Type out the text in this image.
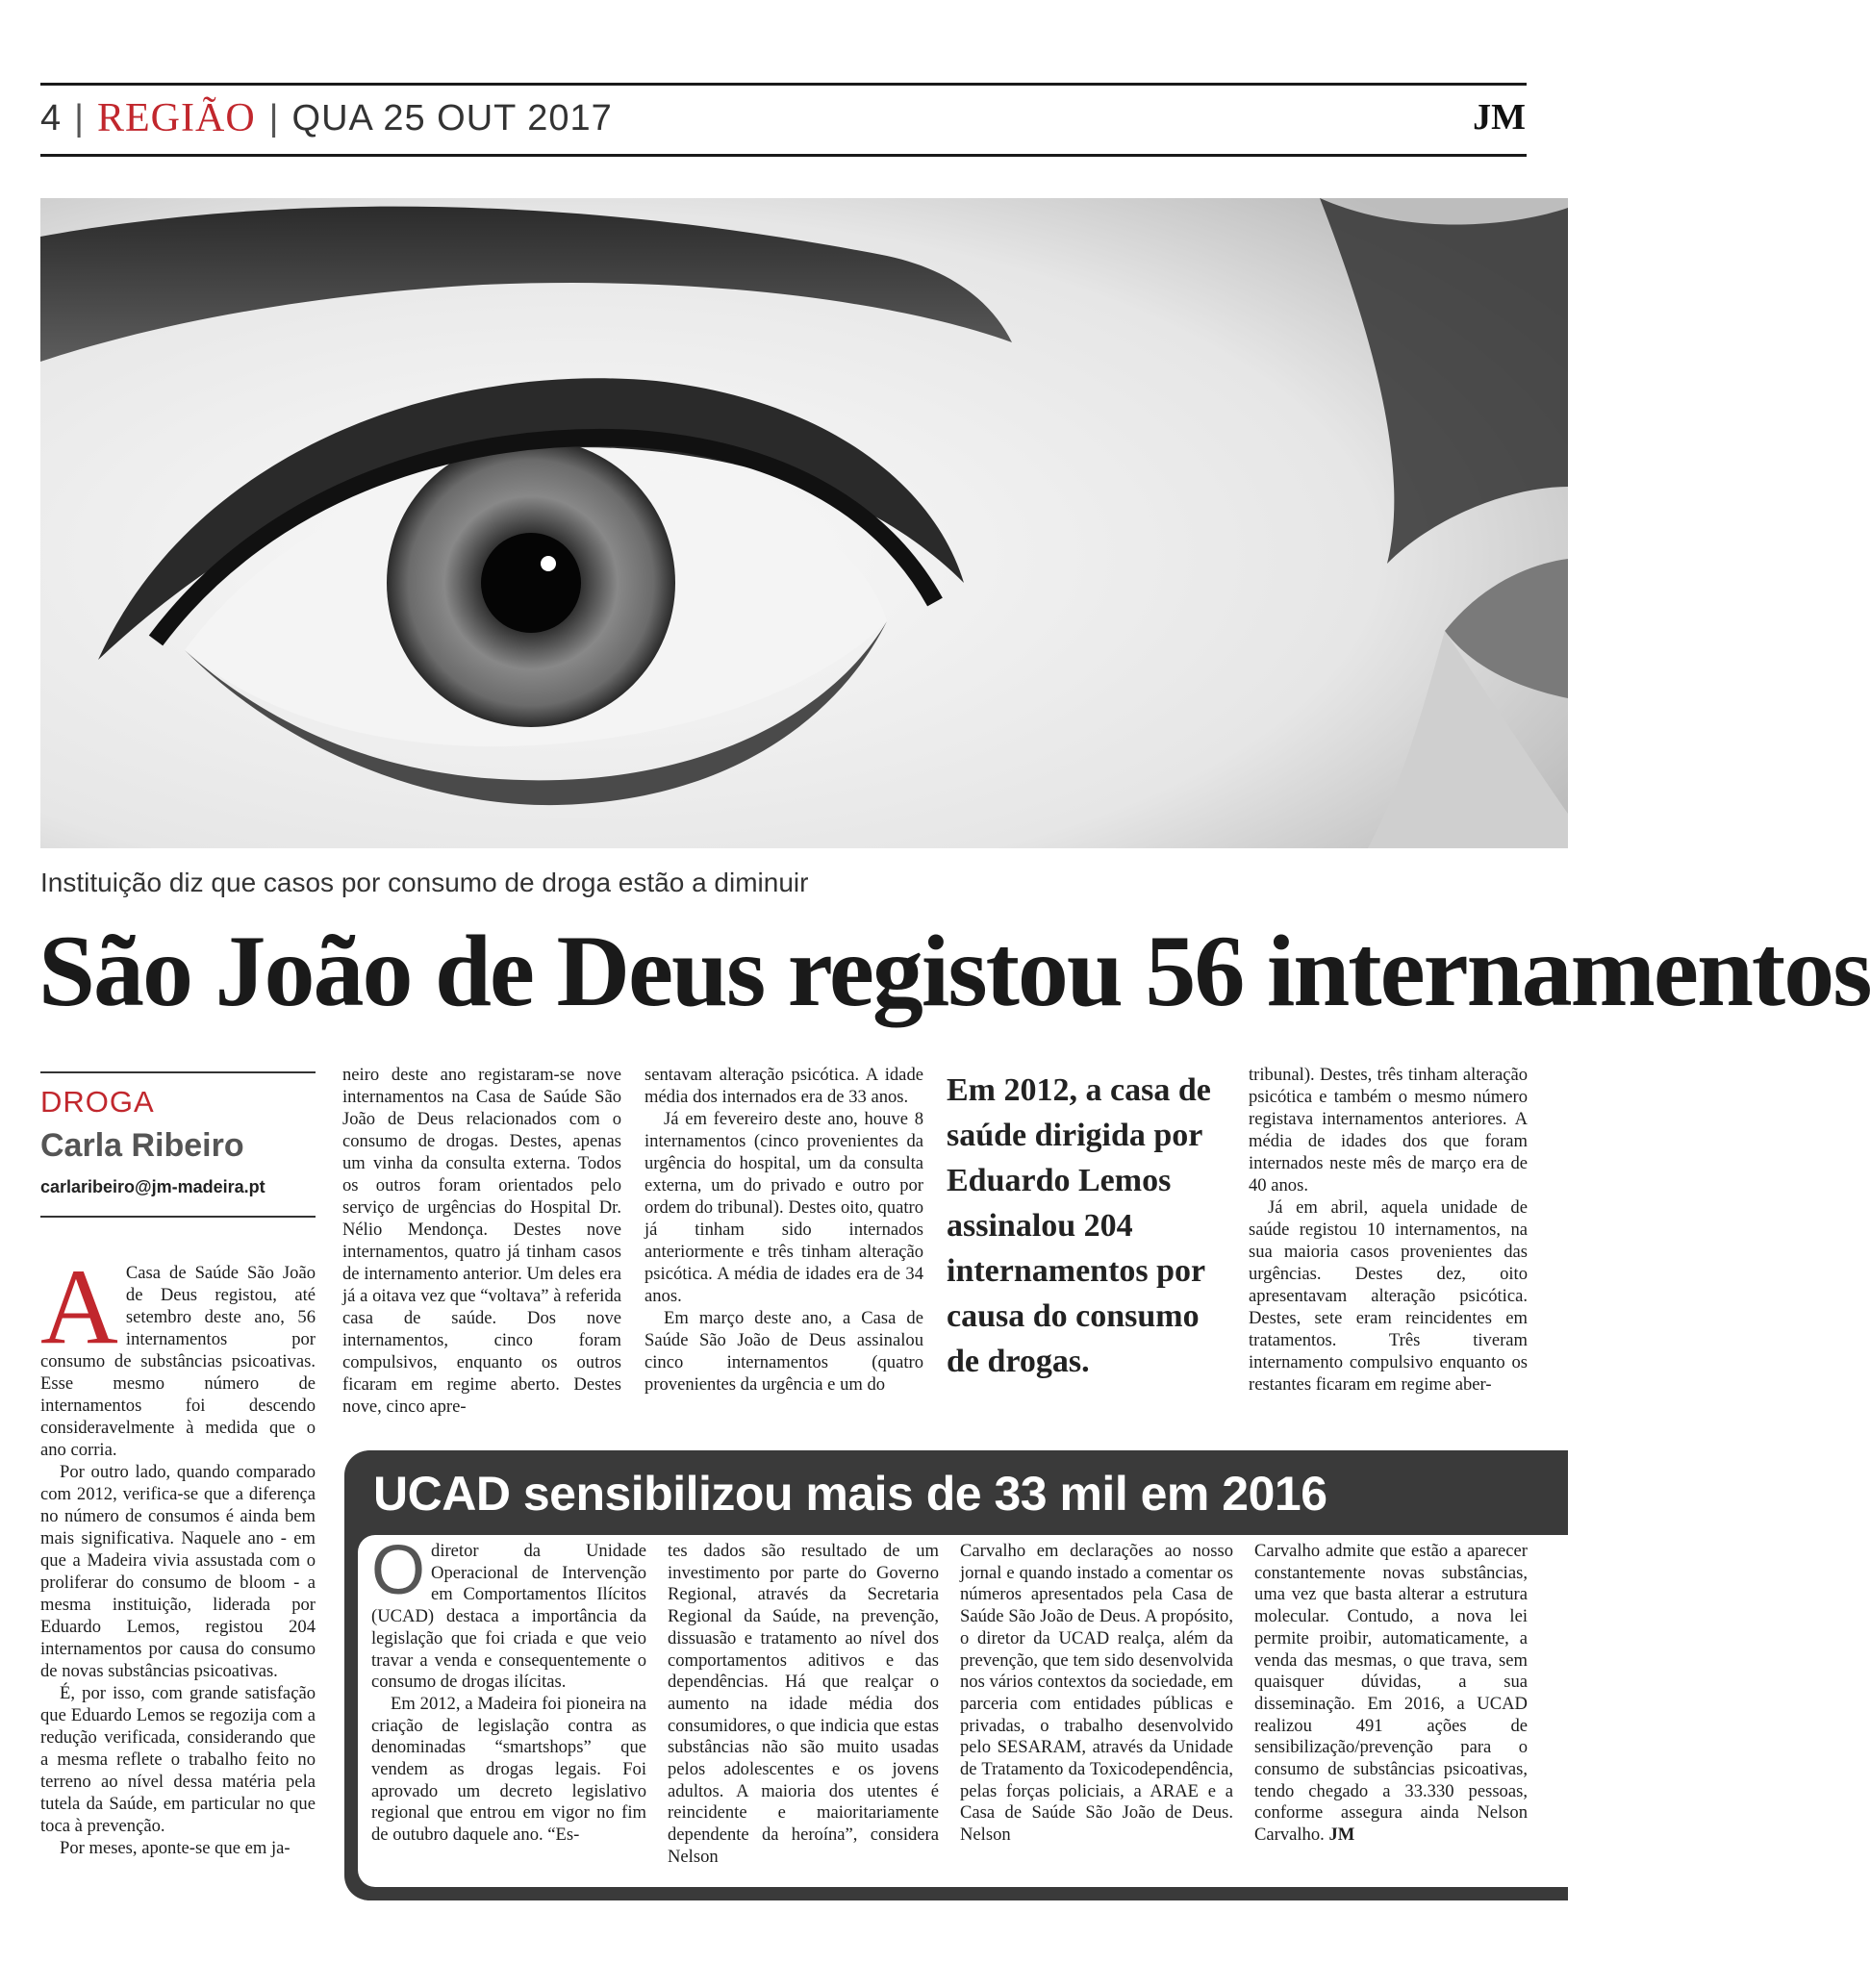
4 | REGIÃO | QUA 25 OUT 2017	JM
Instituição diz que casos por consumo de droga estão a diminuir
São João de Deus registou 56 internamentos
DROGA
Carla Ribeiro
carlaribeiro@jm-madeira.pt
A Casa de Saúde São João de Deus registou, até setembro deste ano, 56 internamentos por consumo de substâncias psicoativas. Esse mesmo número de internamentos foi descendo consideravelmente à medida que o ano corria.

Por outro lado, quando comparado com 2012, verifica-se que a diferença no número de consumos é ainda bem mais significativa. Naquele ano - em que a Madeira vivia assustada com o proliferar do consumo de bloom - a mesma instituição, liderada por Eduardo Lemos, registou 204 internamentos por causa do consumo de novas substâncias psicoativas.

É, por isso, com grande satisfação que Eduardo Lemos se regozija com a redução verificada, considerando que a mesma reflete o trabalho feito no terreno ao nível dessa matéria pela tutela da Saúde, em particular no que toca à prevenção.

Por meses, aponte-se que em ja-

neiro deste ano registaram-se nove internamentos na Casa de Saúde São João de Deus relacionados com o consumo de drogas. Destes, apenas um vinha da consulta externa. Todos os outros foram orientados pelo serviço de urgências do Hospital Dr. Nélio Mendonça. Destes nove internamentos, quatro já tinham casos de internamento anterior. Um deles era já a oitava vez que “voltava” à referida casa de saúde. Dos nove internamentos, cinco foram compulsivos, enquanto os outros ficaram em regime aberto. Destes nove, cinco apre-

sentavam alteração psicótica. A idade média dos internados era de 33 anos.

Já em fevereiro deste ano, houve 8 internamentos (cinco provenientes da urgência do hospital, um da consulta externa, um do privado e outro por ordem do tribunal). Destes oito, quatro já tinham sido internados anteriormente e três tinham alteração psicótica. A média de idades era de 34 anos.

Em março deste ano, a Casa de Saúde São João de Deus assinalou cinco internamentos (quatro provenientes da urgência e um do

Em 2012, a casa de saúde dirigida por Eduardo Lemos assinalou 204 internamentos por causa do consumo de drogas.

tribunal). Destes, três tinham alteração psicótica e também o mesmo número registava internamentos anteriores. A média de idades dos que foram internados neste mês de março era de 40 anos.

Já em abril, aquela unidade de saúde registou 10 internamentos, na sua maioria casos provenientes das urgências. Destes dez, oito apresentavam alteração psicótica. Destes, sete eram reincidentes em tratamentos. Três tiveram internamento compulsivo enquanto os restantes ficaram em regime aber-

UCAD sensibilizou mais de 33 mil em 2016
O diretor da Unidade Operacional de Intervenção em Comportamentos Ilícitos (UCAD) destaca a importância da legislação que foi criada e que veio travar a venda e consequentemente o consumo de drogas ilícitas.

Em 2012, a Madeira foi pioneira na criação de legislação contra as denominadas “smartshops” que vendem as drogas legais. Foi aprovado um decreto legislativo regional que entrou em vigor no fim de outubro daquele ano. “Es-

tes dados são resultado de um investimento por parte do Governo Regional, através da Secretaria Regional da Saúde, na prevenção, dissuasão e tratamento ao nível dos comportamentos aditivos e das dependências. Há que realçar o aumento na idade média dos consumidores, o que indicia que estas substâncias não são muito usadas pelos adolescentes e os jovens adultos. A maioria dos utentes é reincidente e maioritariamente dependente da heroína”, considera Nelson

Carvalho em declarações ao nosso jornal e quando instado a comentar os números apresentados pela Casa de Saúde São João de Deus. A propósito, o diretor da UCAD realça, além da prevenção, que tem sido desenvolvida nos vários contextos da sociedade, em parceria com entidades públicas e privadas, o trabalho desenvolvido pelo SESARAM, através da Unidade de Tratamento da Toxicodependência, pelas forças policiais, a ARAE e a Casa de Saúde São João de Deus. Nelson

Carvalho admite que estão a aparecer constantemente novas substâncias, uma vez que basta alterar a estrutura molecular. Contudo, a nova lei permite proibir, automaticamente, a venda das mesmas, o que trava, sem quaisquer dúvidas, a sua disseminação. Em 2016, a UCAD realizou 491 ações de sensibilização/prevenção para o consumo de substâncias psicoativas, tendo chegado a 33.330 pessoas, conforme assegura ainda Nelson Carvalho. JM
